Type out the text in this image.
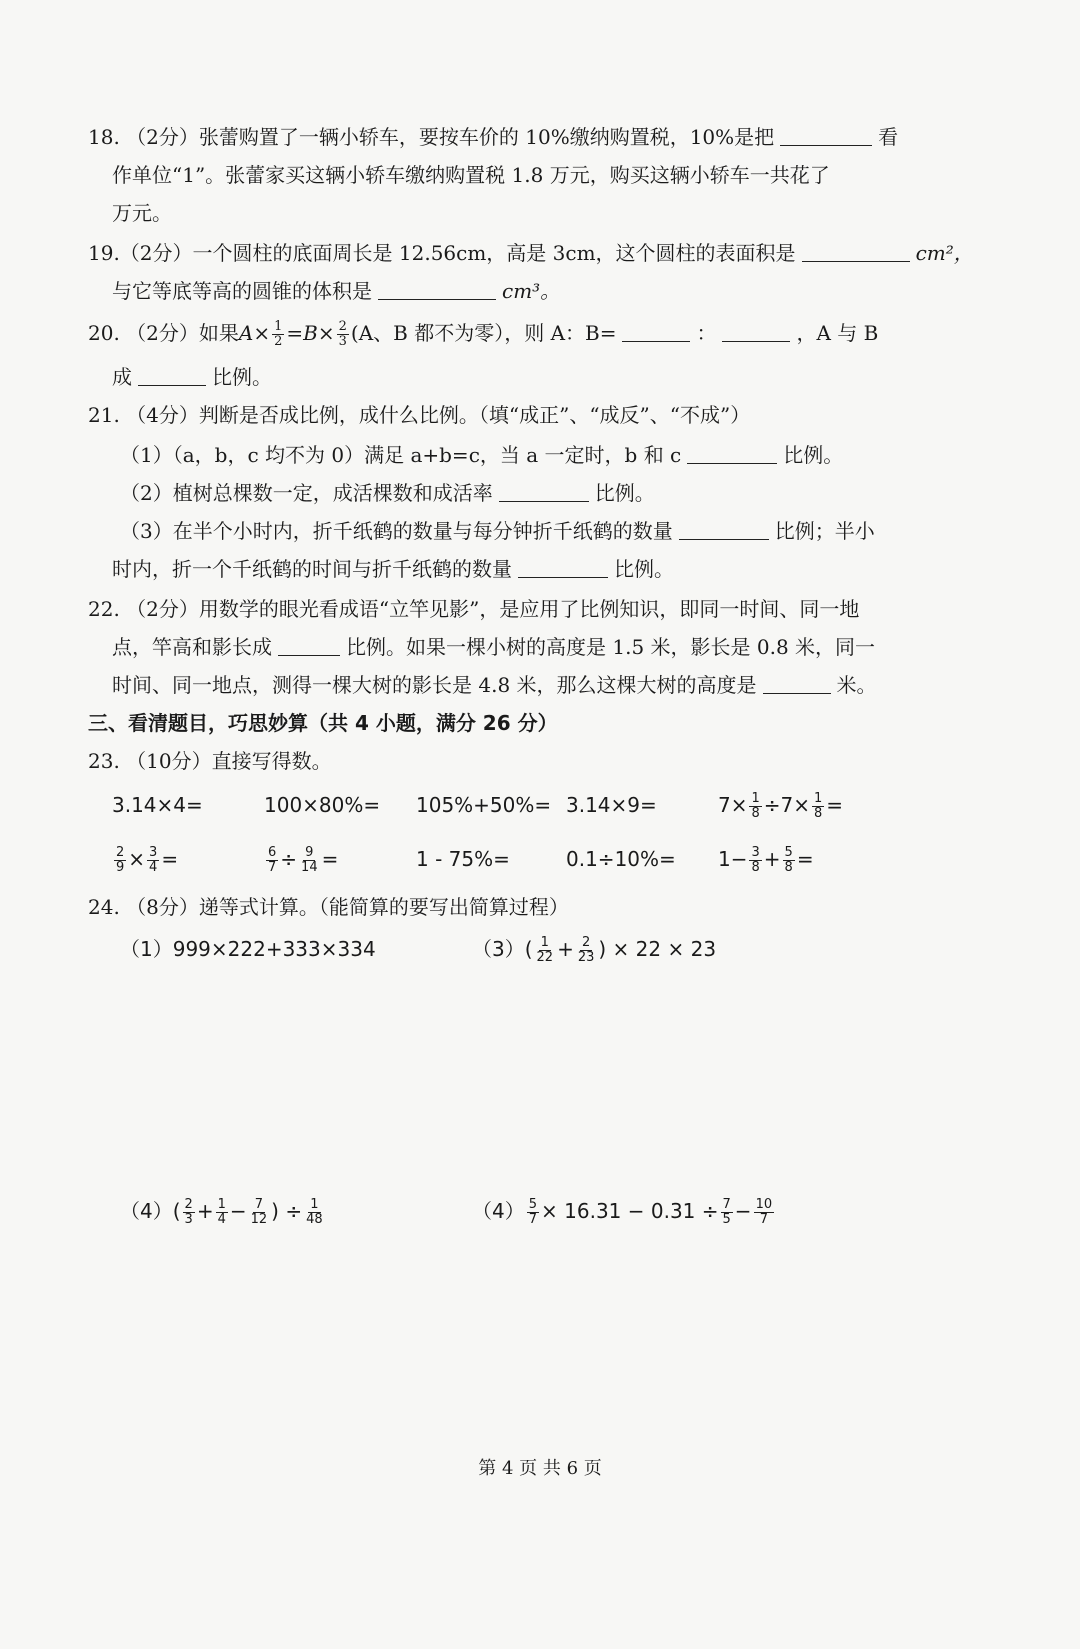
18. （2分）张蕾购置了一辆小轿车，要按车价的 10%缴纳购置税，10%是把	看
作单位“1”。张蕾家买这辆小轿车缴纳购置税 1.8 万元，购买这辆小轿车一共花了
万元。
19.（2分）一个圆柱的底面周长是 12.56cm，高是 3cm，这个圆柱的表面积是	cm²，
与它等底等高的圆锥的体积是	cm³。
20. （2分）如果$A\times \frac{1}{2} =B\times \frac{2}{3} (A$、B 都不为零），则 A：B=	：	，A 与 B
成	比例。
21. （4分）判断是否成比例，成什么比例。（填“成正”、“成反”、“不成”）
（1）（a，b，c 均不为 0）满足 a+b=c，当 a 一定时，b 和 c	比例。
（2）植树总棵数一定，成活棵数和成活率	比例。
（3）在半个小时内，折千纸鹤的数量与每分钟折千纸鹤的数量	比例；半小
时内，折一个千纸鹤的时间与折千纸鹤的数量	比例。
22. （2分）用数学的眼光看成语“立竿见影”，是应用了比例知识，即同一时间、同一地
点，竿高和影长成	比例。如果一棵小树的高度是 1.5 米，影长是 0.8 米，同一
时间、同一地点，测得一棵大树的影长是 4.8 米，那么这棵大树的高度是	米。
三、看清题目，巧思妙算（共 4 小题，满分 26 分）
23. （10分）直接写得数。
3.14×4=	100×80%= 105%+50%= 3.14×9=	$7\times \frac{1}{8} \div 7\times \frac{1}{8}$ =
$\frac{2}{9} \times \frac{3}{4}$ =	$\frac{6}{7} \div \frac{9}{14}$ =	1 - 75%=	$0.1\div 10\%= 1- \frac{3}{8} + \frac{5}{8}$ =
24. （8分）递等式计算。（能简算的要写出简算过程）
（1）999×222+333×334	$(3)( \frac{1}{22} + \frac{2}{23}$ ) × 22 × 23
$(4)( \frac{2}{3} + \frac{1}{4} - \frac{7}{12}$ ) ÷ $\frac{1}{48}$	$(4) \frac{5}{7} \times 16.31 - 0.31 \div \frac{7}{5} - \frac{10}{7}$
第 4 页 共 6 页
